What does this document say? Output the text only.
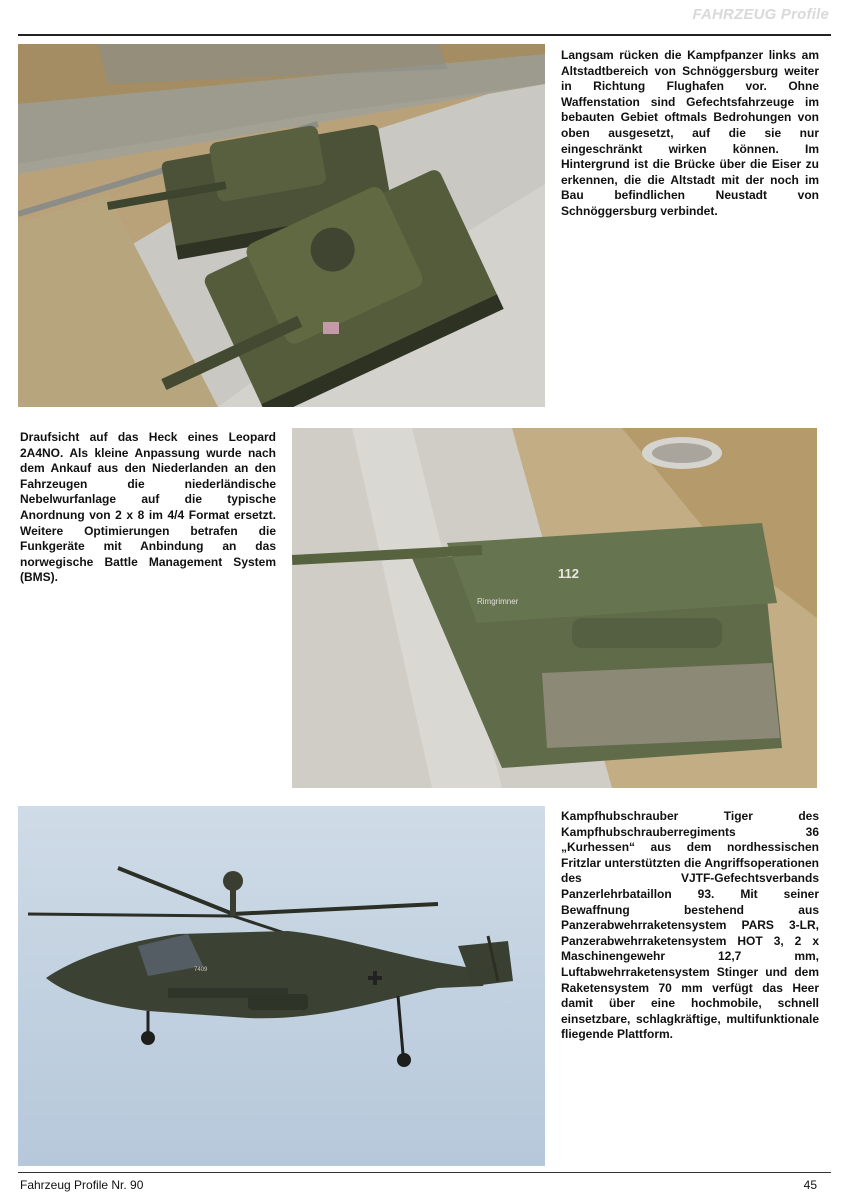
FAHRZEUG Profile
Langsam rücken die Kampfpanzer links am Altstadtbereich von Schnöggersburg weiter in Richtung Flughafen vor. Ohne Waffenstation sind Gefechtsfahrzeuge im bebauten Gebiet oftmals Bedrohungen von oben ausgesetzt, auf die sie nur eingeschränkt wirken können. Im Hintergrund ist die Brücke über die Eiser zu erkennen, die die Altstadt mit der noch im Bau befindlichen Neustadt von Schnöggersburg verbindet.
Draufsicht auf das Heck eines Leopard 2A4NO. Als kleine Anpassung wurde nach dem Ankauf aus den Niederlanden an den Fahrzeugen die niederländische Nebelwurfanlage auf die typische Anordnung von 2 x 8 im 4/4 Format ersetzt. Weitere Optimierungen betrafen die Funkgeräte mit Anbindung an das norwegische Battle Management System (BMS).	112
Rimgrimner
7409
Kampfhubschrauber Tiger des Kampfhubschrauberregiments 36 „Kurhessen“ aus dem nordhessischen Fritzlar unterstützten die Angriffsoperationen des VJTF-Gefechtsverbands Panzerlehrbataillon 93. Mit seiner Bewaffnung bestehend aus Panzerabwehrraketensystem PARS 3-LR, Panzerabwehrraketensystem HOT 3, 2 x Maschinengewehr 12,7 mm, Luftabwehrraketensystem Stinger und dem Raketensystem 70 mm verfügt das Heer damit über eine hochmobile, schnell einsetzbare, schlagkräftige, multifunktionale fliegende Plattform.
Fahrzeug Profile Nr. 90	45
